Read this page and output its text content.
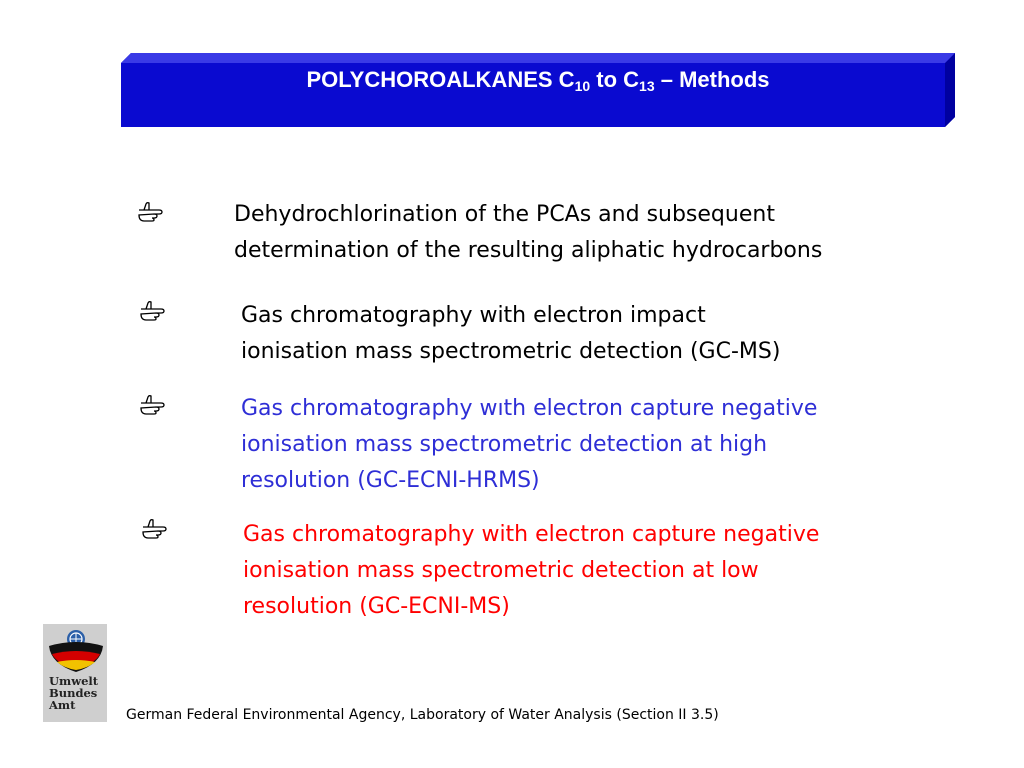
POLYCHOROALKANES $C_{10}$ to $C_{13}$ – Methods

Dehydrochlorination of the PCAs and subsequent
determination of the resulting aliphatic hydrocarbons

Gas chromatography with electron impact
ionisation mass spectrometric detection (GC-MS)

Gas chromatography wıth electron capture negative
ionisation mass spectrometric detection at high
resolution (GC-ECNI-HRMS)

Gas chromatography with electron capture negative
ionisation mass spectrometric detection at low
resolution (GC-ECNI-MS)

Umwelt
Bundes
Amt

German Federal Environmental Agency, Laboratory of Water Analysis (Section II 3.5)
